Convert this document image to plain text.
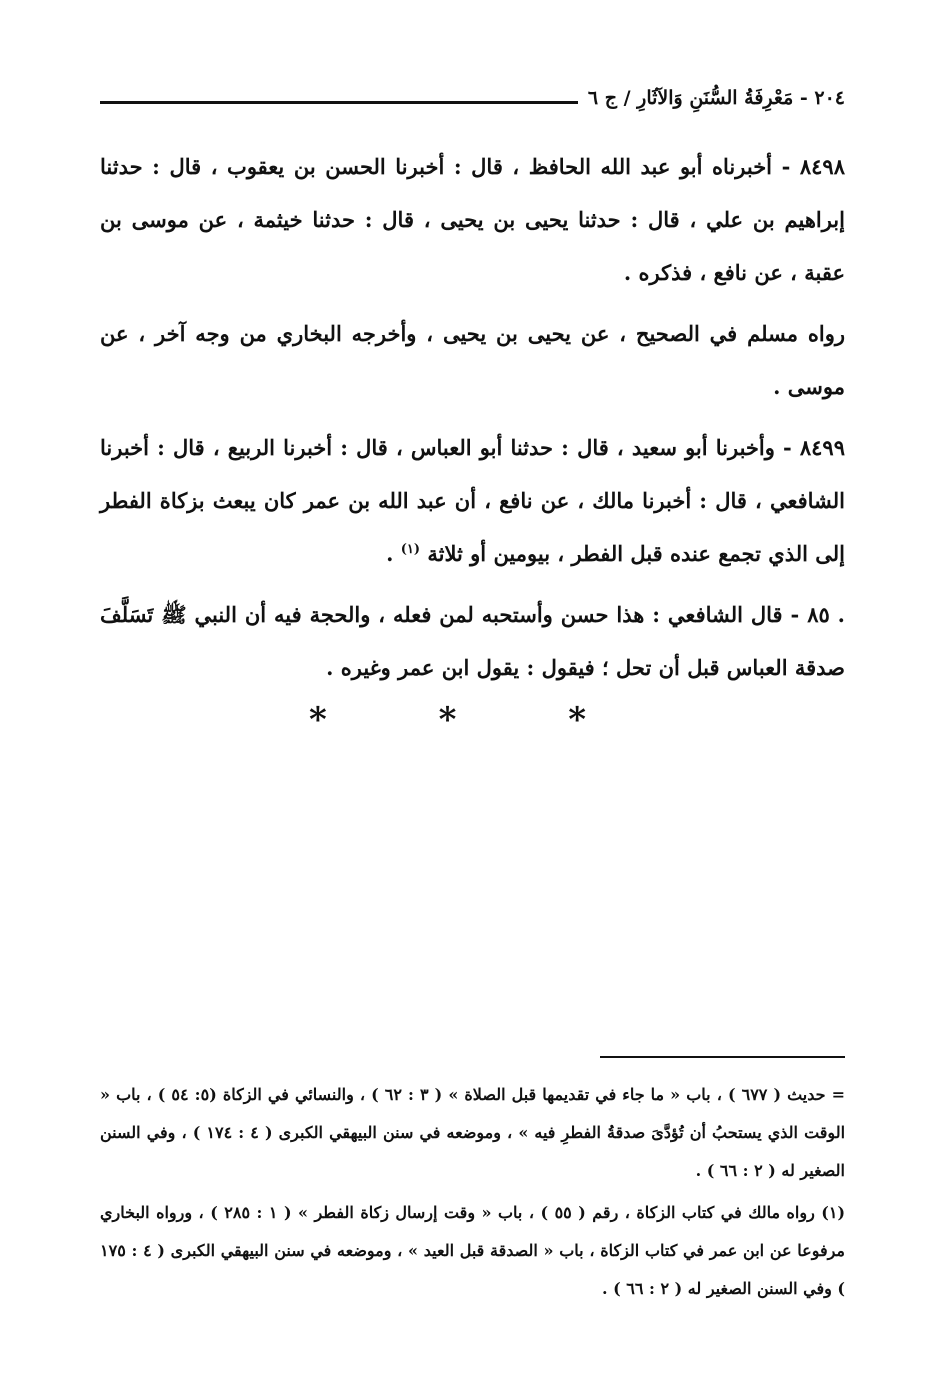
٢٠٤ - مَعْرِفَةُ السُّنَنِ وَالآثَارِ / ج ٦

٨٤٩٨ - أخبرناه أبو عبد الله الحافظ ، قال : أخبرنا الحسن بن يعقوب ، قال : حدثنا إبراهيم بن علي ، قال : حدثنا يحيى بن يحيى ، قال : حدثنا خيثمة ، عن موسى بن عقبة ، عن نافع ، فذكره .

رواه مسلم في الصحيح ، عن يحيى بن يحيى ، وأخرجه البخاري من وجه آخر ، عن موسى .

٨٤٩٩ - وأخبرنا أبو سعيد ، قال : حدثنا أبو العباس ، قال : أخبرنا الربيع ، قال : أخبرنا الشافعي ، قال : أخبرنا مالك ، عن نافع ، أن عبد الله بن عمر كان يبعث بزكاة الفطر إلى الذي تجمع عنده قبل الفطر ، بيومين أو ثلاثة $^{(١)}$ .

. ٨٥ - قال الشافعي : هذا حسن وأستحبه لمن فعله ، والحجة فيه أن النبي ﷺ تَسَلَّفَ صدقة العباس قبل أن تحل ؛ فيقول : يقول ابن عمر وغيره .

* * *

= حديث ( ٦٧٧ ) ، باب « ما جاء في تقديمها قبل الصلاة » ( ٣ : ٦٢ ) ، والنسائي في الزكاة (٥: ٥٤ ) ، باب « الوقت الذي يستحبُ أن تُؤدَّىَ صدقةُ الفطرِ فيه » ، وموضعه في سنن البيهقي الكبرى ( ٤ : ١٧٤ ) ، وفي السنن الصغير له ( ٢ : ٦٦ ) .

(١) رواه مالك في كتاب الزكاة ، رقم ( ٥٥ ) ، باب « وقت إرسال زكاة الفطر » ( ١ : ٢٨٥ ) ، ورواه البخاري مرفوعا عن ابن عمر في كتاب الزكاة ، باب « الصدقة قبل العيد » ، وموضعه في سنن البيهقي الكبرى ( ٤ : ١٧٥ ) وفي السنن الصغير له ( ٢ : ٦٦ ) .
